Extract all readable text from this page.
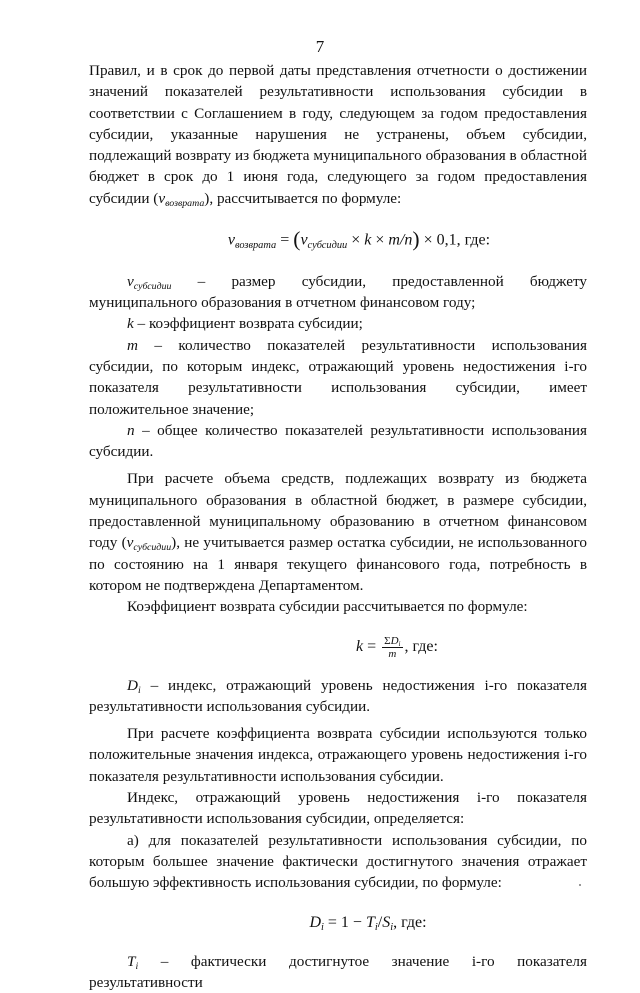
7

Правил, и в срок до первой даты представления отчетности о достижении значений показателей результативности использования субсидии в соответствии с Соглашением в году, следующем за годом предоставления субсидии, указанные нарушения не устранены, объем субсидии, подлежащий возврату из бюджета муниципального образования в областной бюджет в срок до 1 июня года, следующего за годом предоставления субсидии $(v_{возврата})$, рассчитывается по формуле:

$v_{возврата} = (v_{субсидии} \times k \times m/n) \times 0,1$, где:

$v_{субсидии}$ – размер субсидии, предоставленной бюджету муниципального образования в отчетном финансовом году;

k – коэффициент возврата субсидии;

m – количество показателей результативности использования субсидии, по которым индекс, отражающий уровень недостижения i-го показателя результативности использования субсидии, имеет положительное значение;

n – общее количество показателей результативности использования субсидии.

При расчете объема средств, подлежащих возврату из бюджета муниципального образования в областной бюджет, в размере субсидии, предоставленной муниципальному образованию в отчетном финансовом году $(v_{субсидии})$, не учитывается размер остатка субсидии, не использованного по состоянию на 1 января текущего финансового года, потребность в котором не подтверждена Департаментом.

Коэффициент возврата субсидии рассчитывается по формуле:

$k = \frac{\Sigma D_i}{m}$ , где:

$D_i$ – индекс, отражающий уровень недостижения i-го показателя результативности использования субсидии.

При расчете коэффициента возврата субсидии используются только положительные значения индекса, отражающего уровень недостижения i-го показателя результативности использования субсидии.

Индекс, отражающий уровень недостижения i-го показателя результативности использования субсидии, определяется:

а) для показателей результативности использования субсидии, по которым большее значение фактически достигнутого значения отражает большую эффективность использования субсидии, по формуле:

$D_i = 1 - T_i/S_i$, где:

$T_i$ – фактически достигнутое значение i-го показателя результативности
